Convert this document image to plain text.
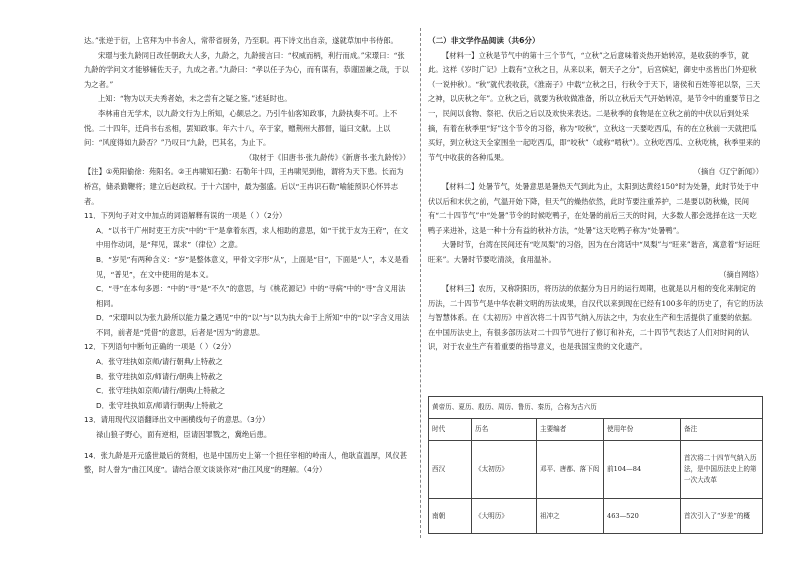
达。”张逆于衍，上官拜为中书舍人，常带省厨务，乃至职。再下诗文出自亲，遂就草加中书侍郎。

宋璟与张九龄同日改任朝政大人多，九龄之，九龄接言曰：“权威而柄，利行而成。”宋璟曰：“张九龄的学问文才能够辅佐天子，九成之者。”九龄曰：“孝以任子为心，而有谋有，恭谨固兼之哉，于以为之者。”

上知：“物为以天夫秀者始，未之尝有之疑之鉴。”述延时也。

李林甫自无学术，以九龄文行为上所知，心颇忌之。乃引牛仙客知政事，九龄执奏不可。上不悦。二十四年，迁尚书右丞相，罢知政事。年六十八，卒于家，赠荆州大都督，谥曰文献。上以问：“风度得如九龄否？”乃叹曰“九龄，巴其名，为止下。

（取材于《旧唐书·张九龄传》《新唐书·张九龄传》）

【注】①苑阳偷徐：苑阳名。②王冉啸知石勤：石勒年十四，王冉啸见到他，谓将为天下患。长而为桥宫，储杀勤鞭将；建立后赵政权。于十六国中，最为强盛。后以“王冉识石勒”喻能预识心怀异志者。

11．下列句子对文中加点的词语解释有误的一项是（ ）（2分）

A．“以书干广州时吏王方庆”中的“干”是拿着东西，求人相助的意思，如“干扰于友为王府”，在文中用作动词，是“拜见，谋求”（律位）之意。

B．“岁见”有两种含义：“岁”是整体意义，甲骨文字形“从”，上面是“目”，下面是“人”，本义是看见，“普见”，在文中使用的是本义。

C．“寻”在本句多恩：“中的“寻”是“不久”的意思，与《桃花源记》中的“寻病”中的“寻”含义用法相同。

D．“宋璟叫以为张九龄所以能力量之遇见”中的“以”与“以为执大命于上所知”中的“以”字含义用法不同，前者是“凭借”的意思，后者是“因为”的意思。

12．下列语句中断句正确的一项是（ ）（2分）

A．张守珪执如京师/请行朝典/上特赦之

B．张守珪执如京/师请行/朝典上特赦之

C．张守珪执如京师/请行/朝典/上特赦之

D．张守珪执如京/师请行朝典/上特赦之

13．请用现代汉语翻译出文中画横线句子的意思。（3分）

禄山狼子野心，面有逆相，臣请因罪戮之，冀绝后患。

14．张九龄是开元盛世最后的贤相，也是中国历史上第一个担任宰相的岭南人，他耿直温厚，风仪甚整，时人誉为“曲江风度”。请结合原文谈谈你对“曲江风度”的理解。（4分）

（二）非文学作品阅读（共6分）

【材料一】立秋是节气中的第十三个节气，“立秋”之后意味着炎热开始转凉，是收获的季节，就此。这样《岁时广记》上载有“立秋之日，从来以来，朝天子之分”，后宫嫔妃，御史中丞皆出门外迎秋（一说仲秋）。“秋”就代表收获，《淮南子》中载“立秋之日，行秋令于天下，诸侯和百姓等祀以祭，三天之神，以庆秋之年”。立秋之后，就要为秋收做准备，所以立秋后天气开始转凉，是节令中的重要节日之一，民间以食物、祭祀、伏后之后以及欢快来表达。二是秋季的食物是在立秋之前的中伏以后到处采摘，有着在秋季里“好”这个节令的习俗，称为“咬秋”，立秋这一天要吃西瓜，有的在立秋前一天就把瓜买好，到立秋这天全家围坐一起吃西瓜，即“咬秋”（或称“啃秋”）。立秋吃西瓜、立秋吃桃，秋季里来的节气中收获的各种瓜果。

（摘自《辽宁新闻》）

【材料二】处暑节气，处暑意思是暑热天气到此为止，太阳到达黄经150°时为处暑，此时节处于中伏以后和末伏之前，气温开始下降，但天气的燥热依然，此时节要注重养护，二是要以防秋燥，民间有“二十四节气”中“处暑”节令的时候吃鸭子，在处暑的前后三天的时间，大多数人都会选择在这一天吃鸭子来进补，这是一种十分有益的秋补方法，“处暑”这天吃鸭子称为“处暑鸭”。

大暑时节，台湾在民间还有“吃凤梨”的习俗，因为在台湾话中“凤梨”与“旺来”谐音，寓意着“好运旺旺来”。大暑时节要吃清淡，食用温补。

（摘自网络）

【材料三】农历，又称阴阳历，将历法的依据分为日月的运行周期，也就是以月相的变化来制定的历法，二十四节气是中华农耕文明的历法成果，自汉代以来到现在已经有100多年的历史了，有它的历法与智慧体系。在《太初历》中首次将二十四节气纳入历法之中，为农业生产和生活提供了重要的依据。在中国历法史上，有很多部历法对二十四节气进行了修订和补充，二十四节气表达了人们对时间的认识，对于农业生产有着重要的指导意义，也是我国宝贵的文化遗产。

黄帝历、夏历、殷历、周历、鲁历、秦历，合称为古六历				
时代	历名	主要编者	使用年份	备注
西汉	《太初历》	邓平、唐都、落下闳	前104—84	首次将二十四节气纳入历法，是中国历法史上的第一次大改革
南朝	《大明历》	祖冲之	463—520	首次引入了“岁差”的概
